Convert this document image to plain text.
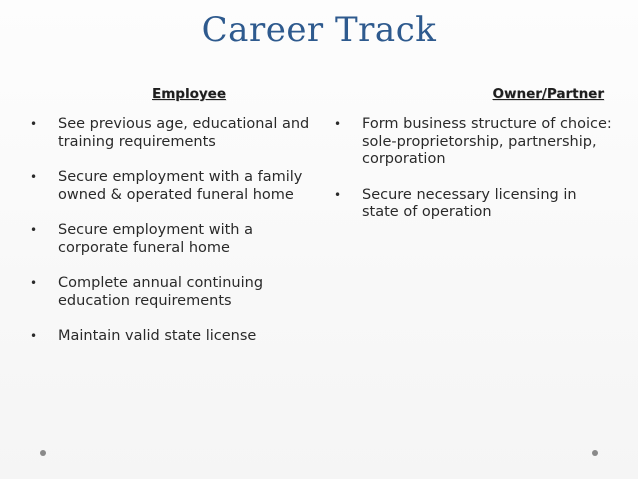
Career Track
Employee
• See previous age, educational and training requirements
• Secure employment with a family owned & operated funeral home
• Secure employment with a corporate funeral home
• Complete annual continuing education requirements
• Maintain valid state license
Owner/Partner
• Form business structure of choice: sole-proprietorship, partnership, corporation
• Secure necessary licensing in state of operation
